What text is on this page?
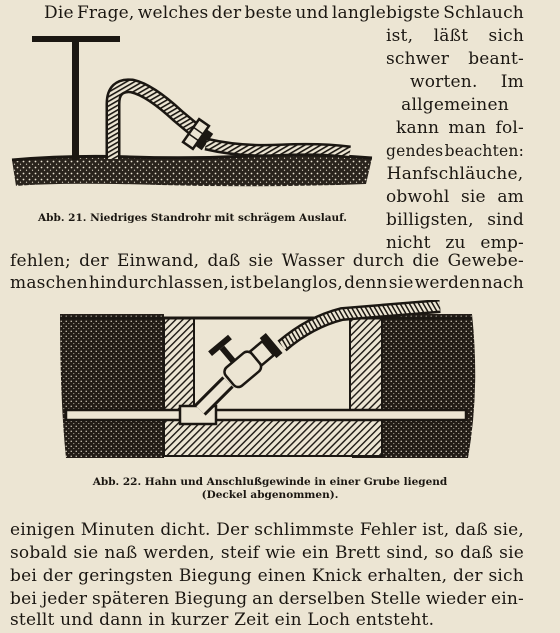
Die Frage, welches der beste und langlebigste Schlauch
ist, läßt sich
schwer beant-
worten. Im
allgemeinen
kann man fol-
gendes beachten:
Hanfschläuche,
obwohl sie am
billigsten, sind
nicht zu emp-
fehlen; der Einwand, daß sie Wasser durch die Gewebe-
maschen hindurchlassen, ist belanglos, denn sie werden nach
Abb. 21. Niedriges Standrohr mit schrägem Auslauf.
Abb. 22. Hahn und Anschlußgewinde in einer Grube liegend
(Deckel abgenommen).
einigen Minuten dicht. Der schlimmste Fehler ist, daß sie,
sobald sie naß werden, steif wie ein Brett sind, so daß sie
bei der geringsten Biegung einen Knick erhalten, der sich
bei jeder späteren Biegung an derselben Stelle wieder ein-
stellt und dann in kurzer Zeit ein Loch entsteht.
